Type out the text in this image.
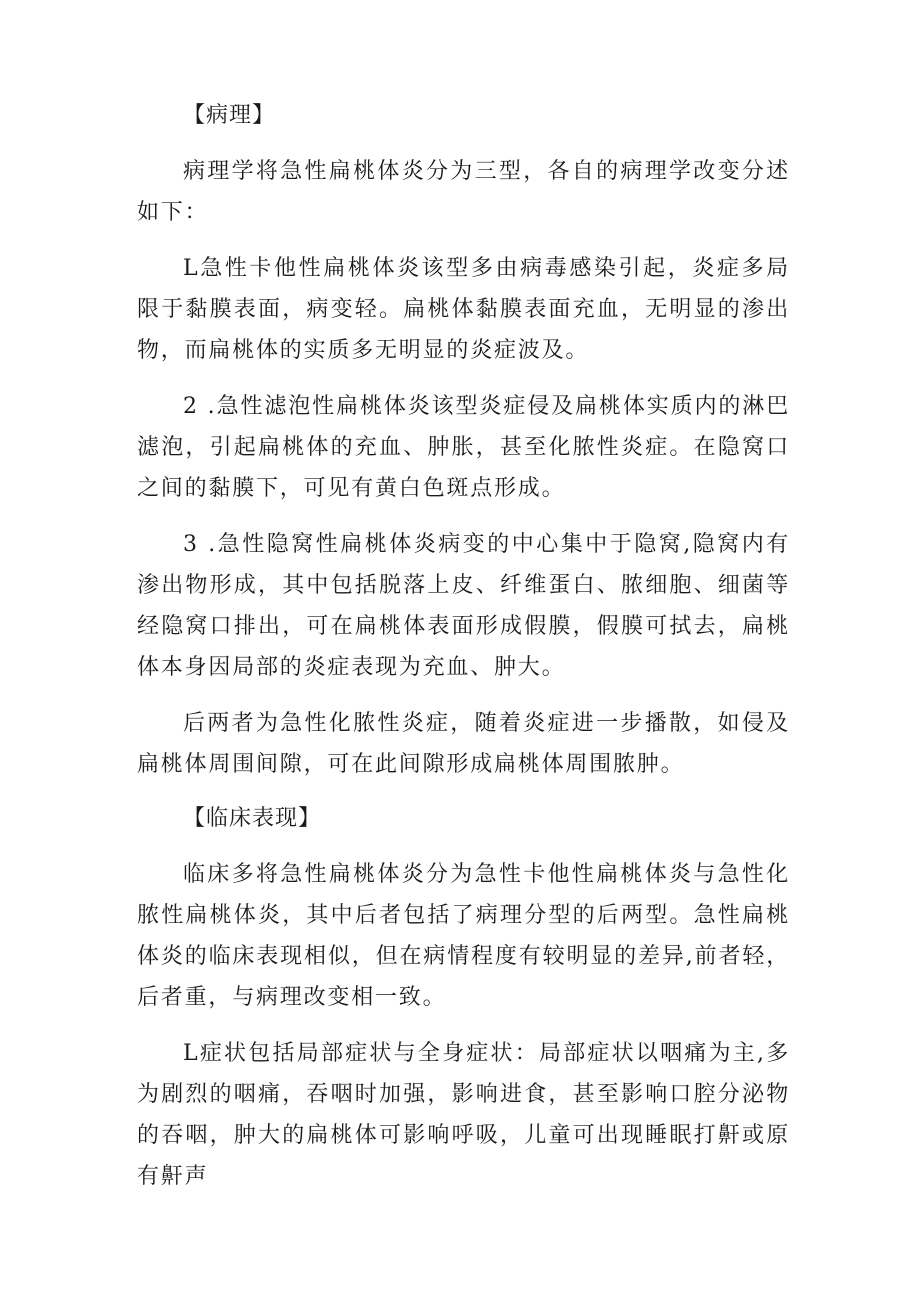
【病理】

病理学将急性扁桃体炎分为三型，各自的病理学改变分述如下：

L急性卡他性扁桃体炎该型多由病毒感染引起，炎症多局限于黏膜表面，病变轻。扁桃体黏膜表面充血，无明显的渗出物，而扁桃体的实质多无明显的炎症波及。

2 .急性滤泡性扁桃体炎该型炎症侵及扁桃体实质内的淋巴滤泡，引起扁桃体的充血、肿胀，甚至化脓性炎症。在隐窝口之间的黏膜下，可见有黄白色斑点形成。

3 .急性隐窝性扁桃体炎病变的中心集中于隐窝,隐窝内有渗出物形成，其中包括脱落上皮、纤维蛋白、脓细胞、细菌等经隐窝口排出，可在扁桃体表面形成假膜，假膜可拭去，扁桃体本身因局部的炎症表现为充血、肿大。

后两者为急性化脓性炎症，随着炎症进一步播散，如侵及扁桃体周围间隙，可在此间隙形成扁桃体周围脓肿。

【临床表现】

临床多将急性扁桃体炎分为急性卡他性扁桃体炎与急性化脓性扁桃体炎，其中后者包括了病理分型的后两型。急性扁桃体炎的临床表现相似，但在病情程度有较明显的差异,前者轻，后者重，与病理改变相一致。

L症状包括局部症状与全身症状：局部症状以咽痛为主,多为剧烈的咽痛，吞咽时加强，影响进食，甚至影响口腔分泌物的吞咽，肿大的扁桃体可影响呼吸，儿童可出现睡眠打鼾或原有鼾声
